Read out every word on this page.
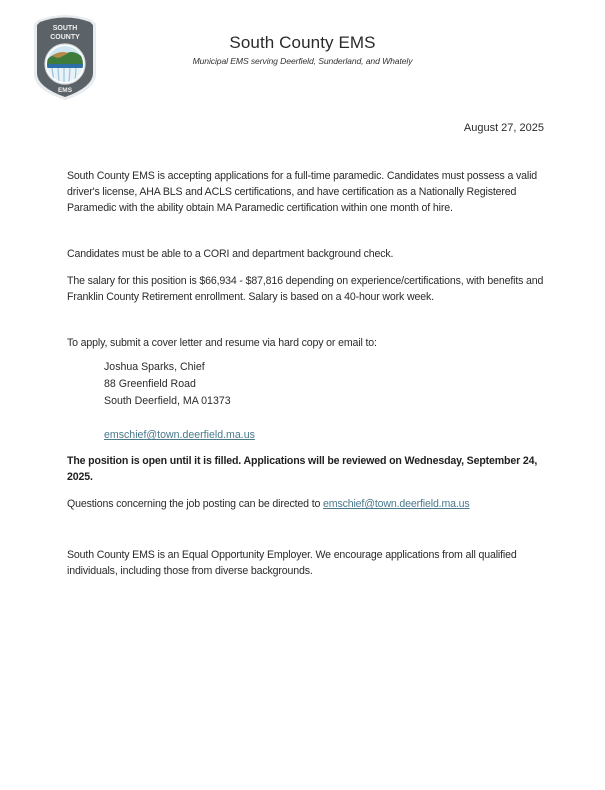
SOUTH
COUNTY
EMS
South County EMS
Municipal EMS serving Deerfield, Sunderland, and Whately
August 27, 2025
South County EMS is accepting applications for a full-time paramedic. Candidates must possess a valid driver's license, AHA BLS and ACLS certifications, and have certification as a Nationally Registered Paramedic with the ability obtain MA Paramedic certification within one month of hire.
Candidates must be able to a CORI and department background check.
The salary for this position is $66,934 - $87,816 depending on experience/certifications, with benefits and Franklin County Retirement enrollment. Salary is based on a 40-hour work week.
To apply, submit a cover letter and resume via hard copy or email to:
Joshua Sparks, Chief
88 Greenfield Road
South Deerfield, MA 01373
emschief@town.deerfield.ma.us
The position is open until it is filled. Applications will be reviewed on Wednesday, September 24, 2025.
Questions concerning the job posting can be directed to emschief@town.deerfield.ma.us
South County EMS is an Equal Opportunity Employer. We encourage applications from all qualified individuals, including those from diverse backgrounds.
